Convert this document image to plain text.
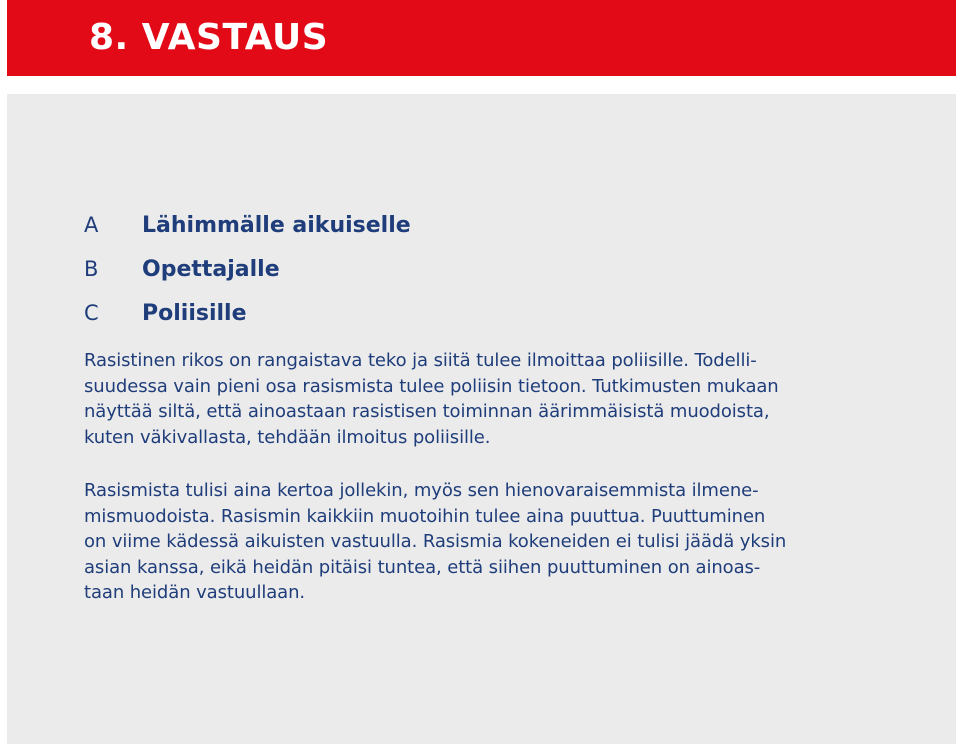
8. VASTAUS
A	Lähimmälle aikuiselle
B	Opettajalle
C	Poliisille

Rasistinen rikos on rangaistava teko ja siitä tulee ilmoittaa poliisille. Todelli-
suudessa vain pieni osa rasismista tulee poliisin tietoon. Tutkimusten mukaan
näyttää siltä, että ainoastaan rasistisen toiminnan äärimmäisistä muodoista,
kuten väkivallasta, tehdään ilmoitus poliisille.

Rasismista tulisi aina kertoa jollekin, myös sen hienovaraisemmista ilmene-
mismuodoista. Rasismin kaikkiin muotoihin tulee aina puuttua. Puuttuminen
on viime kädessä aikuisten vastuulla. Rasismia kokeneiden ei tulisi jäädä yksin
asian kanssa, eikä heidän pitäisi tuntea, että siihen puuttuminen on ainoas-
taan heidän vastuullaan.
